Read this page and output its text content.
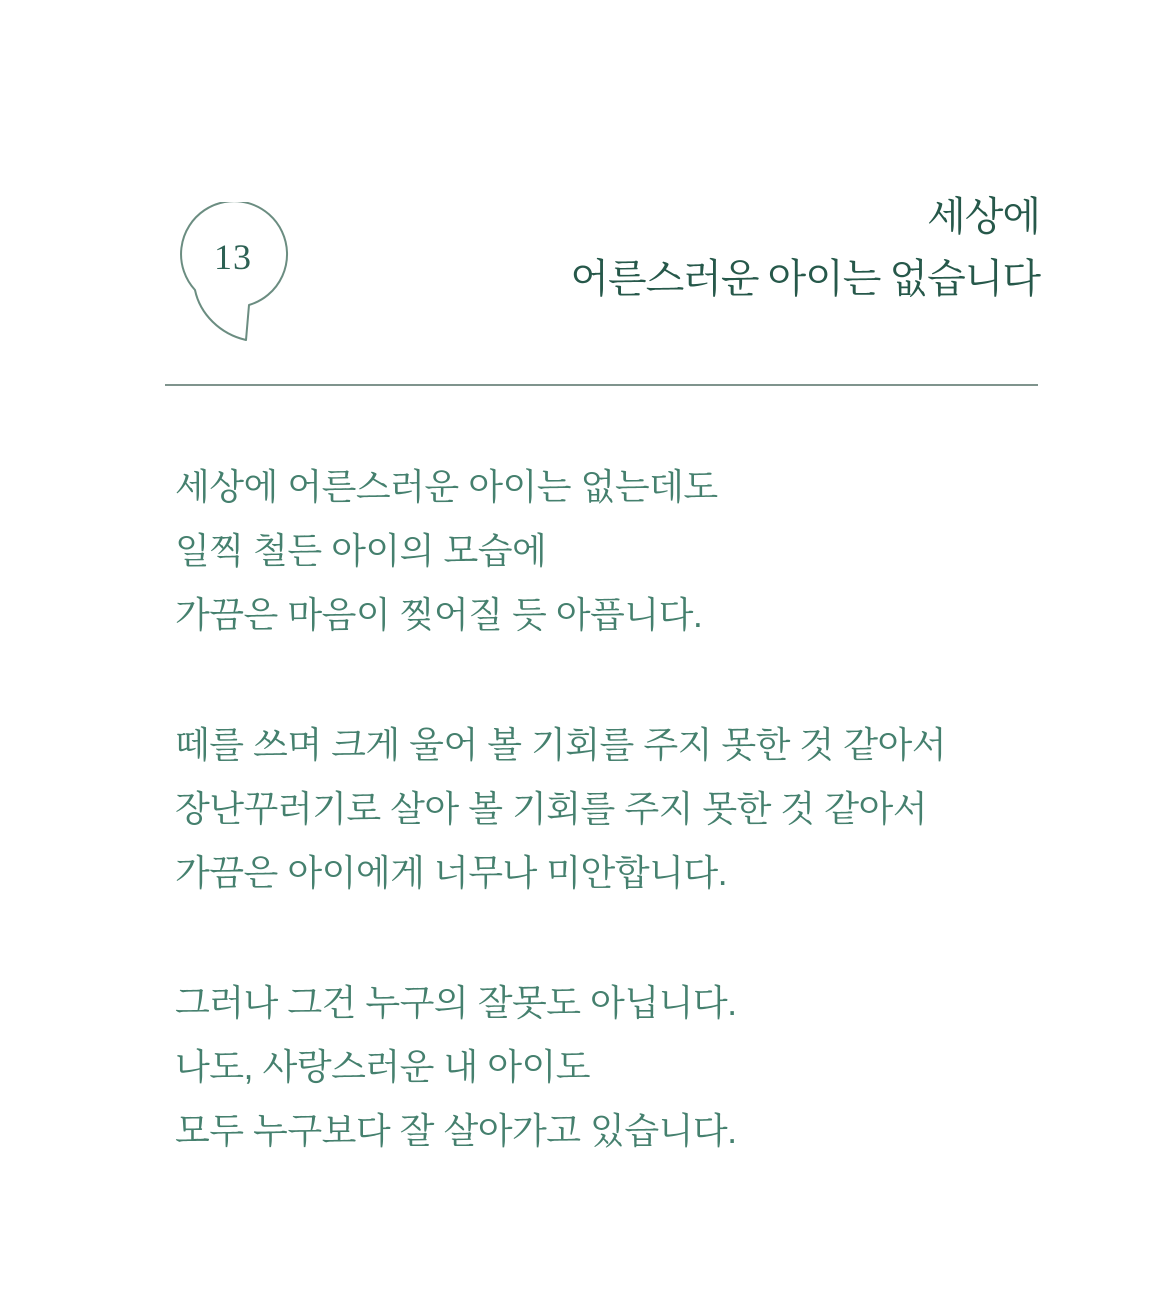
13
세상에
어른스러운 아이는 없습니다

세상에 어른스러운 아이는 없는데도
일찍 철든 아이의 모습에
가끔은 마음이 찢어질 듯 아픕니다.

떼를 쓰며 크게 울어 볼 기회를 주지 못한 것 같아서
장난꾸러기로 살아 볼 기회를 주지 못한 것 같아서
가끔은 아이에게 너무나 미안합니다.

그러나 그건 누구의 잘못도 아닙니다.
나도, 사랑스러운 내 아이도
모두 누구보다 잘 살아가고 있습니다.
